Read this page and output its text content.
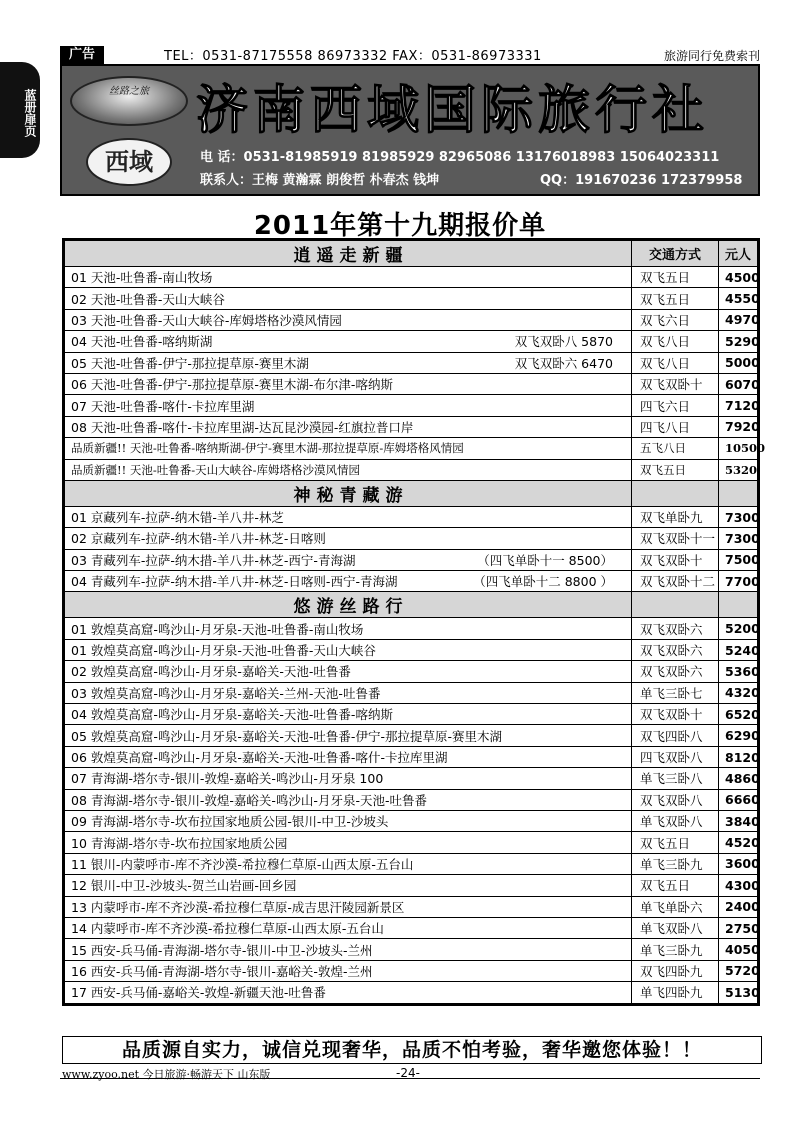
广告	TEL：0531-87175558 86973332 FAX：0531-86973331	旅游同行免费索刊
蓝册扉页	丝路之旅
西域
济南西域国际旅行社
电 话：0531-81985919 81985929 82965086 13176018983 15064023311
联系人：王梅 黄瀚霖 朗俊哲 朴春杰 钱坤	QQ：191670236 172379958
2011年第十九期报价单
逍遥走新疆	交通方式	元人
01 天池-吐鲁番-南山牧场	双飞五日	4500
02 天池-吐鲁番-天山大峡谷	双飞五日	4550
03 天池-吐鲁番-天山大峡谷-库姆塔格沙漠风情园	双飞六日	4970
04 天池-吐鲁番-喀纳斯湖 双飞双卧八 5870	双飞八日	5290
05 天池-吐鲁番-伊宁-那拉提草原-赛里木湖 双飞双卧六 6470	双飞八日	5000
06 天池-吐鲁番-伊宁-那拉提草原-赛里木湖-布尔津-喀纳斯	双飞双卧十	6070
07 天池-吐鲁番-喀什-卡拉库里湖	四飞六日	7120
08 天池-吐鲁番-喀什-卡拉库里湖-达瓦昆沙漠园-红旗拉普口岸	四飞八日	7920
品质新疆!! 天池-吐鲁番-喀纳斯湖-伊宁-赛里木湖-那拉提草原-库姆塔格风情园	五飞八日	10500
品质新疆!! 天池-吐鲁番-天山大峡谷-库姆塔格沙漠风情园	双飞五日	5320
神秘青藏游		
01 京藏列车-拉萨-纳木错-羊八井-林芝	双飞单卧九	7300
02 京藏列车-拉萨-纳木错-羊八井-林芝-日喀则	双飞双卧十一	7300
03 青藏列车-拉萨-纳木措-羊八井-林芝-西宁-青海湖 （四飞单卧十一 8500）	双飞双卧十	7500
04 青藏列车-拉萨-纳木措-羊八井-林芝-日喀则-西宁-青海湖 （四飞单卧十二 8800 ）	双飞双卧十二	7700
悠游丝路行		
01 敦煌莫高窟-鸣沙山-月牙泉-天池-吐鲁番-南山牧场	双飞双卧六	5200
01 敦煌莫高窟-鸣沙山-月牙泉-天池-吐鲁番-天山大峡谷	双飞双卧六	5240
02 敦煌莫高窟-鸣沙山-月牙泉-嘉峪关-天池-吐鲁番	双飞双卧六	5360
03 敦煌莫高窟-鸣沙山-月牙泉-嘉峪关-兰州-天池-吐鲁番	单飞三卧七	4320
04 敦煌莫高窟-鸣沙山-月牙泉-嘉峪关-天池-吐鲁番-喀纳斯	双飞双卧十	6520
05 敦煌莫高窟-鸣沙山-月牙泉-嘉峪关-天池-吐鲁番-伊宁-那拉提草原-赛里木湖	双飞四卧八	6290
06 敦煌莫高窟-鸣沙山-月牙泉-嘉峪关-天池-吐鲁番-喀什-卡拉库里湖	四飞双卧八	8120
07 青海湖-塔尔寺-银川-敦煌-嘉峪关-鸣沙山-月牙泉 100	单飞三卧八	4860
08 青海湖-塔尔寺-银川-敦煌-嘉峪关-鸣沙山-月牙泉-天池-吐鲁番	双飞双卧八	6660
09 青海湖-塔尔寺-坎布拉国家地质公园-银川-中卫-沙坡头	单飞双卧八	3840
10 青海湖-塔尔寺-坎布拉国家地质公园	双飞五日	4520
11 银川-内蒙呼市-库不齐沙漠-希拉穆仁草原-山西太原-五台山	单飞三卧九	3600
12 银川-中卫-沙坡头-贺兰山岩画-回乡园	双飞五日	4300
13 内蒙呼市-库不齐沙漠-希拉穆仁草原-成吉思汗陵园新景区	单飞单卧六	2400
14 内蒙呼市-库不齐沙漠-希拉穆仁草原-山西太原-五台山	单飞双卧八	2750
15 西安-兵马俑-青海湖-塔尔寺-银川-中卫-沙坡头-兰州	单飞三卧九	4050
16 西安-兵马俑-青海湖-塔尔寺-银川-嘉峪关-敦煌-兰州	双飞四卧九	5720
17 西安-兵马俑-嘉峪关-敦煌-新疆天池-吐鲁番	单飞四卧九	5130
品质源自实力，诚信兑现奢华，品质不怕考验，奢华邀您体验！！
www.zyoo.net 今日旅游·畅游天下 山东版	-24-
